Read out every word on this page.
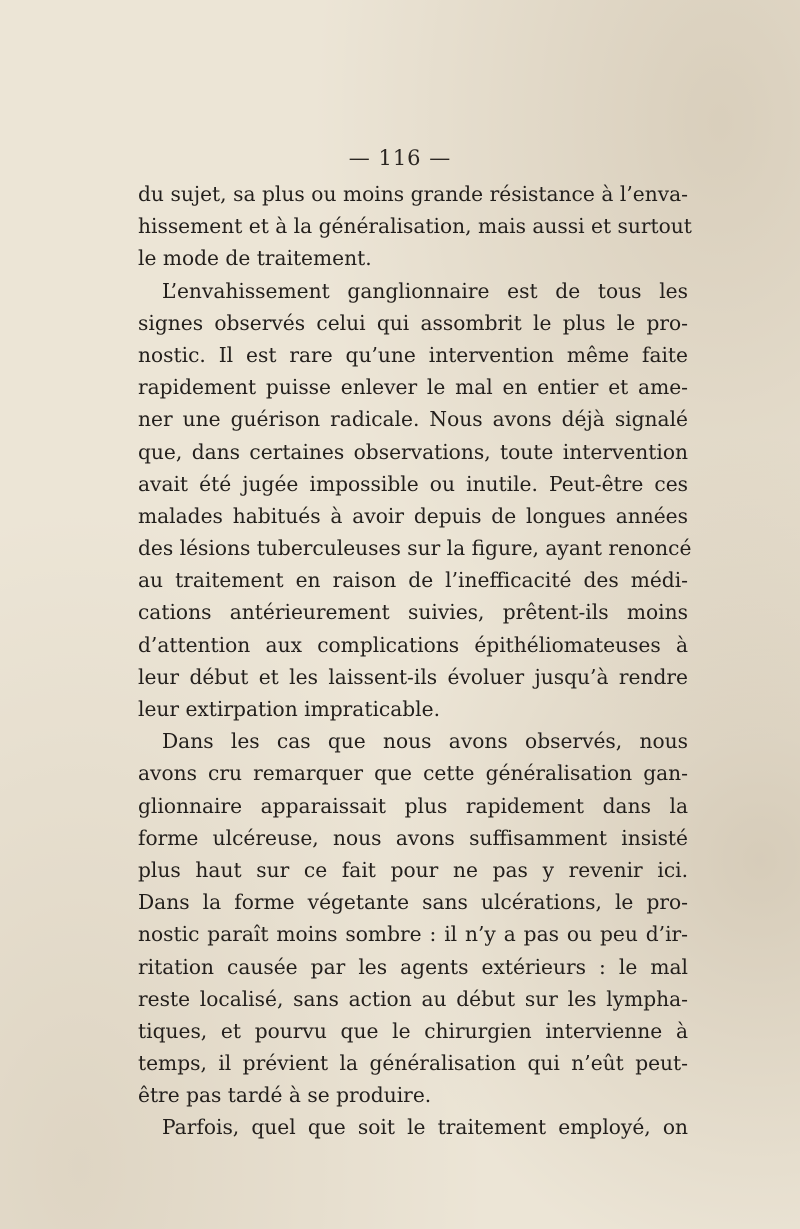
— 116 —
du sujet, sa plus ou moins grande résistance à l’enva-
hissement et à la généralisation, mais aussi et surtout
le mode de traitement.
L’envahissement ganglionnaire est de tous les
signes observés celui qui assombrit le plus le pro-
nostic. Il est rare qu’une intervention même faite
rapidement puisse enlever le mal en entier et ame-
ner une guérison radicale. Nous avons déjà signalé
que, dans certaines observations, toute intervention
avait été jugée impossible ou inutile. Peut-être ces
malades habitués à avoir depuis de longues années
des lésions tuberculeuses sur la figure, ayant renoncé
au traitement en raison de l’inefficacité des médi-
cations antérieurement suivies, prêtent-ils moins
d’attention aux complications épithéliomateuses à
leur début et les laissent-ils évoluer jusqu’à rendre
leur extirpation impraticable.
Dans les cas que nous avons observés, nous
avons cru remarquer que cette généralisation gan-
glionnaire apparaissait plus rapidement dans la
forme ulcéreuse, nous avons suffisamment insisté
plus haut sur ce fait pour ne pas y revenir ici.
Dans la forme végetante sans ulcérations, le pro-
nostic paraît moins sombre : il n’y a pas ou peu d’ir-
ritation causée par les agents extérieurs : le mal
reste localisé, sans action au début sur les lympha-
tiques, et pourvu que le chirurgien intervienne à
temps, il prévient la généralisation qui n’eût peut-
être pas tardé à se produire.
Parfois, quel que soit le traitement employé, on
